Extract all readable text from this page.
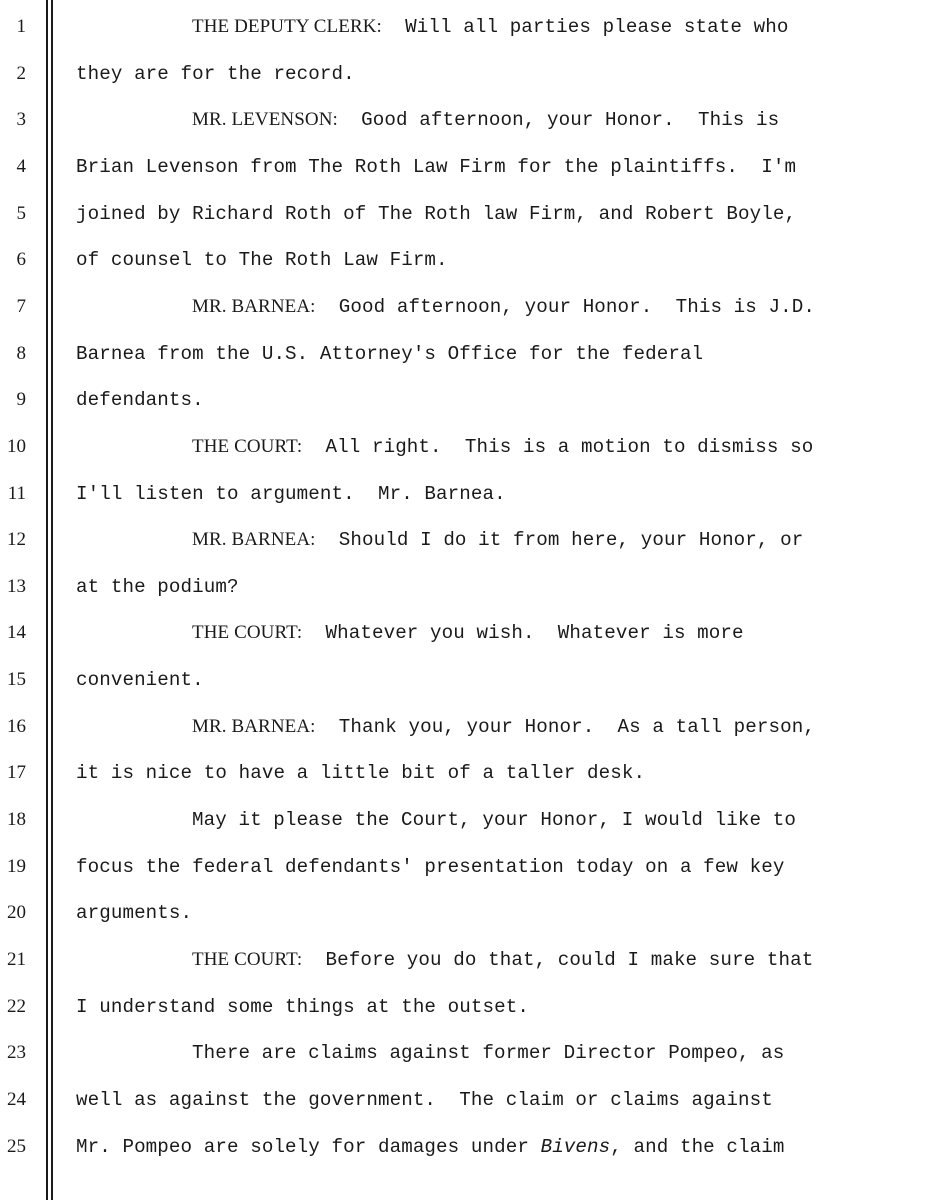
1	THE DEPUTY CLERK:  Will all parties please state who
2	they are for the record.
3	MR. LEVENSON:  Good afternoon, your Honor.  This is
4	Brian Levenson from The Roth Law Firm for the plaintiffs.  I'm
5	joined by Richard Roth of The Roth law Firm, and Robert Boyle,
6	of counsel to The Roth Law Firm.
7	MR. BARNEA:  Good afternoon, your Honor.  This is J.D.
8	Barnea from the U.S. Attorney's Office for the federal
9	defendants.
10	THE COURT:  All right.  This is a motion to dismiss so
11	I'll listen to argument.  Mr. Barnea.
12	MR. BARNEA:  Should I do it from here, your Honor, or
13	at the podium?
14	THE COURT:  Whatever you wish.  Whatever is more
15	convenient.
16	MR. BARNEA:  Thank you, your Honor.  As a tall person,
17	it is nice to have a little bit of a taller desk.
18	May it please the Court, your Honor, I would like to
19	focus the federal defendants' presentation today on a few key
20	arguments.
21	THE COURT:  Before you do that, could I make sure that
22	I understand some things at the outset.
23	There are claims against former Director Pompeo, as
24	well as against the government.  The claim or claims against
25	Mr. Pompeo are solely for damages under Bivens, and the claim
